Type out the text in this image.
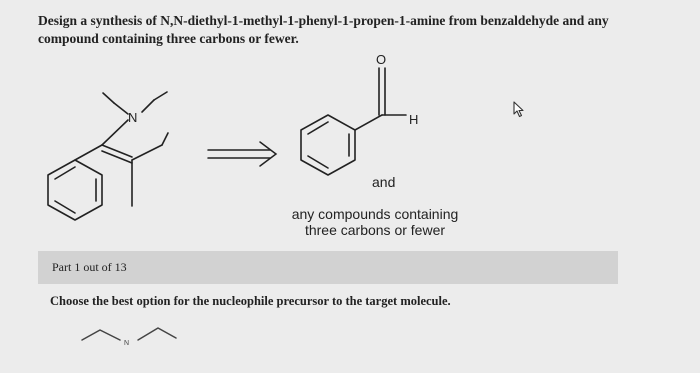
Design a synthesis of N,N-diethyl-1-methyl-1-phenyl-1-propen-1-amine from benzaldehyde and any
compound containing three carbons or fewer.
N
O
H
and
any compounds containing
three carbons or fewer
Part 1 out of 13
Choose the best option for the nucleophile precursor to the target molecule.
N
